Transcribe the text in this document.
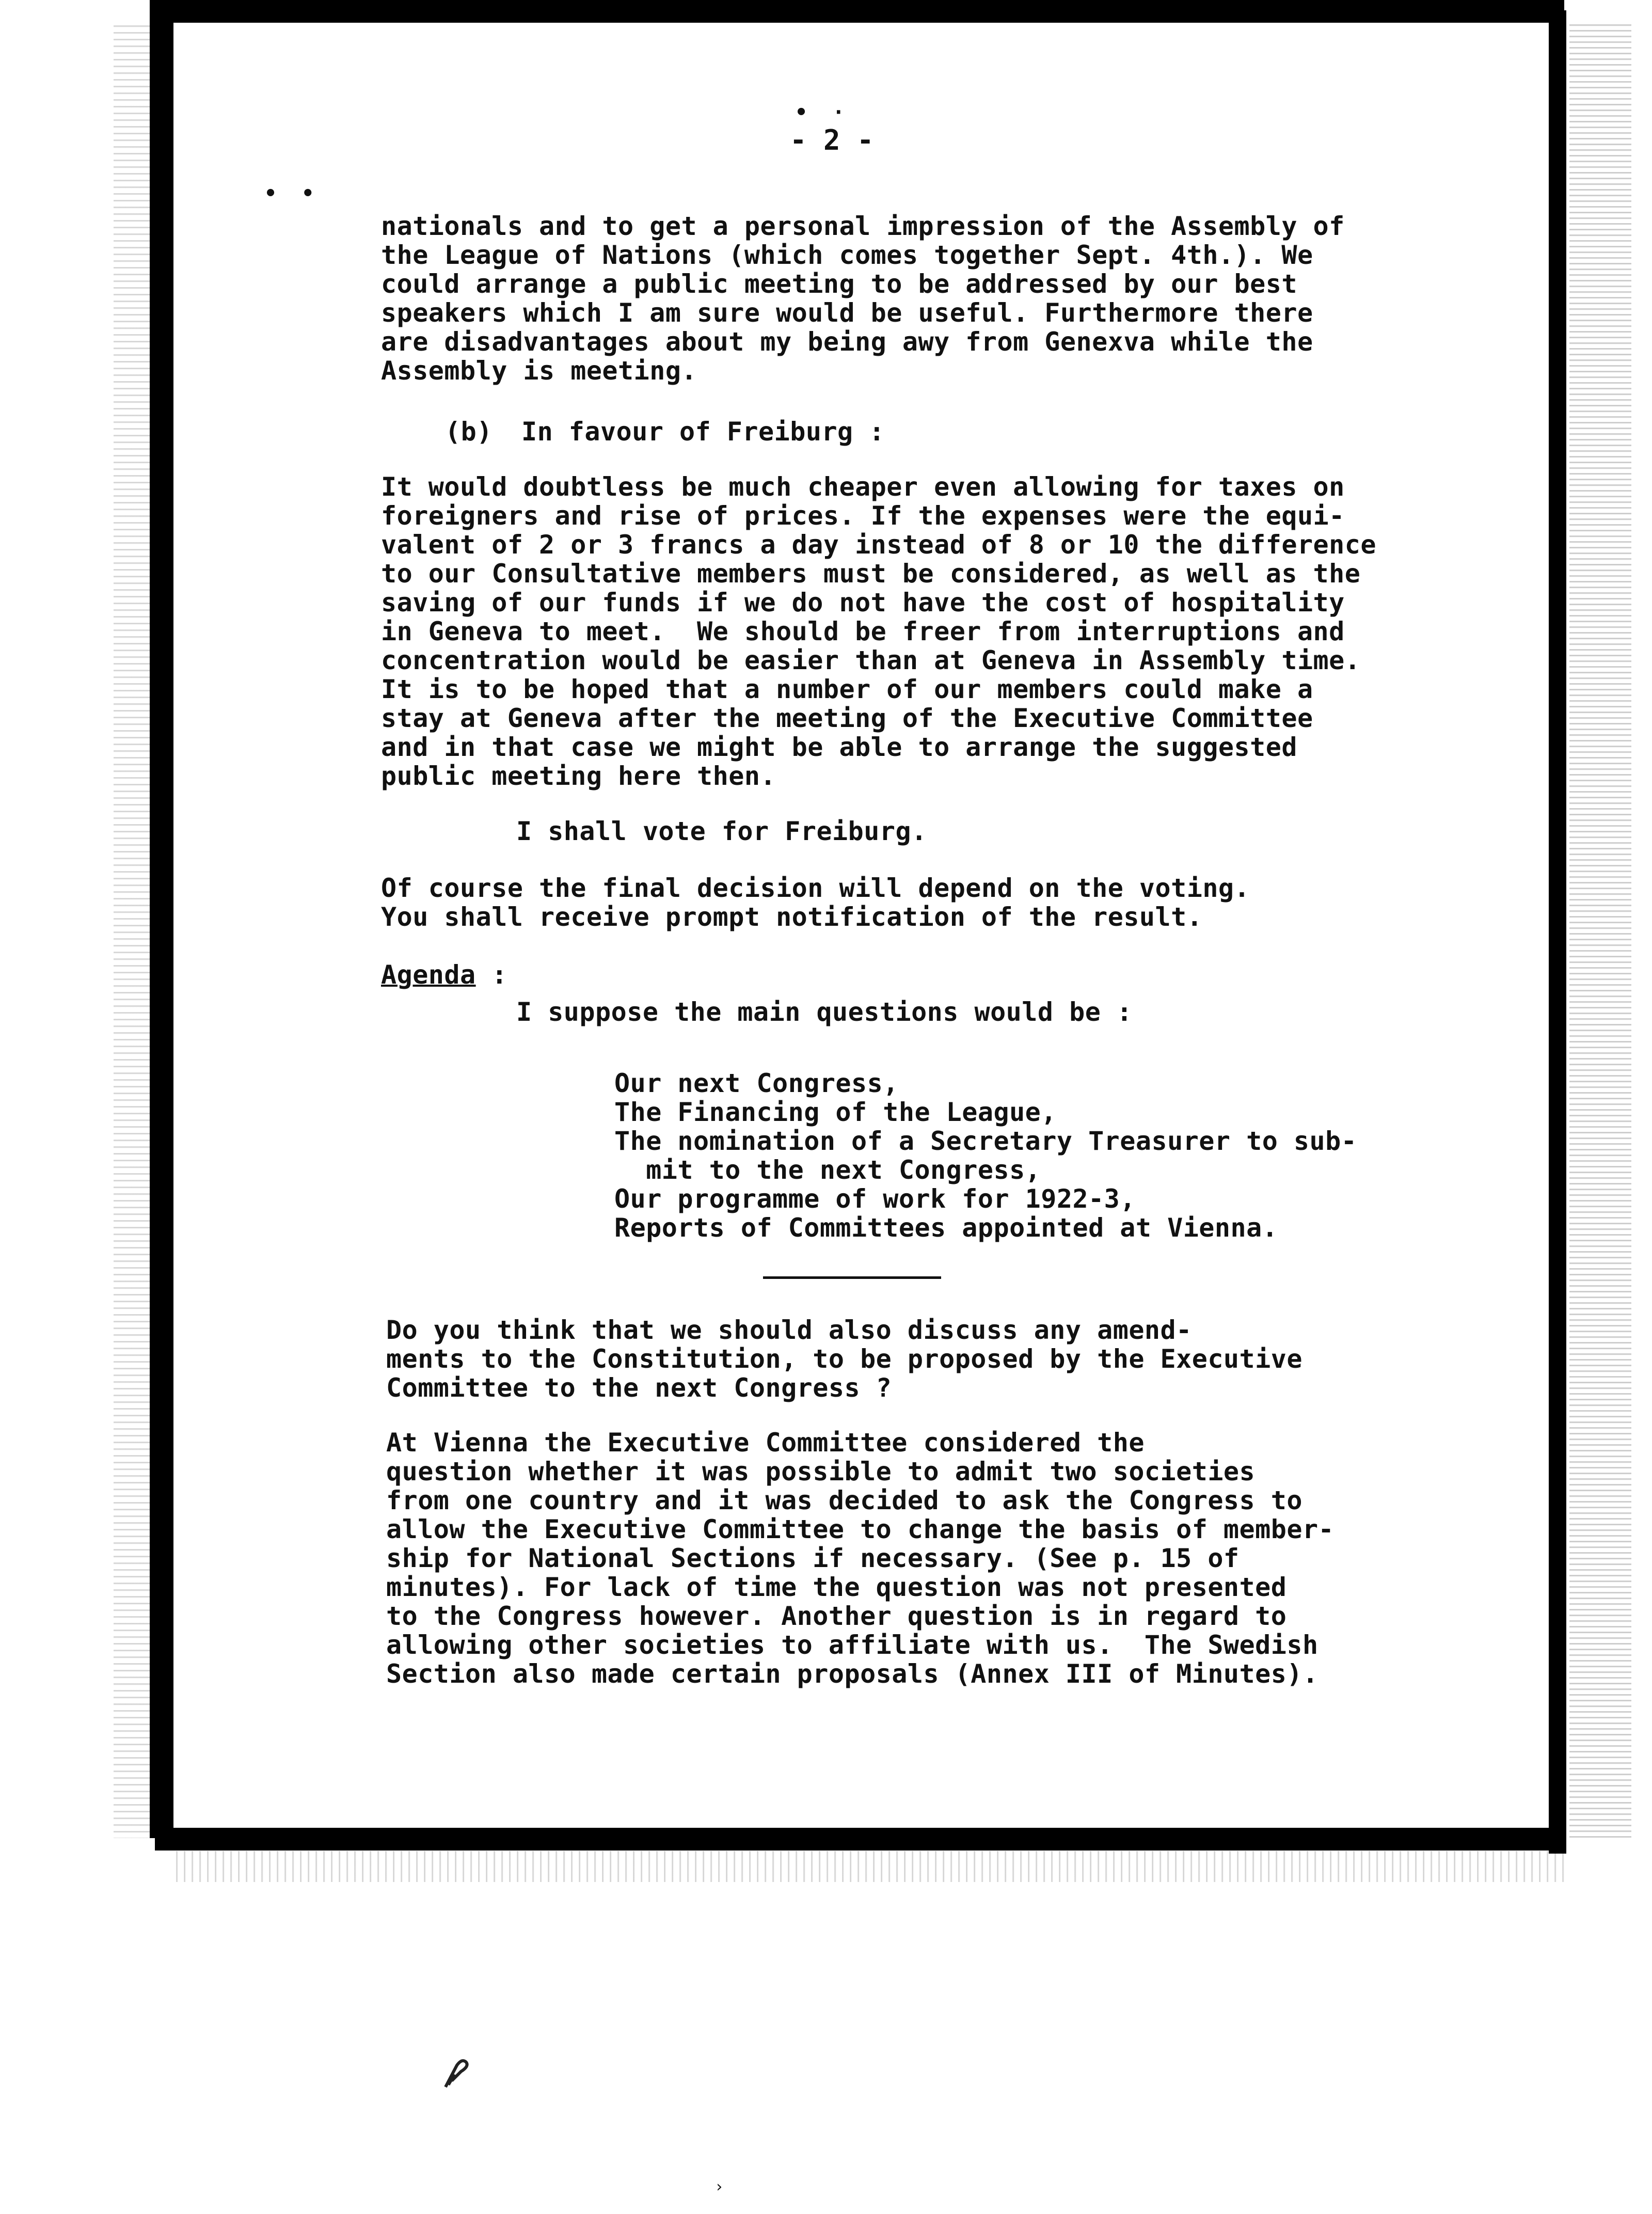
•  ·
•  •
- 2 -
nationals and to get a personal impression of the Assembly of
the League of Nations (which comes together Sept. 4th.). We
could arrange a public meeting to be addressed by our best
speakers which I am sure would be useful. Furthermore there
are disadvantages about my being awy from Genexva while the
Assembly is meeting.
(b) In favour of Freiburg :
It would doubtless be much cheaper even allowing for taxes on
foreigners and rise of prices. If the expenses were the equi-
valent of 2 or 3 francs a day instead of 8 or 10 the difference
to our Consultative members must be considered, as well as the
saving of our funds if we do not have the cost of hospitality
in Geneva to meet.  We should be freer from interruptions and
concentration would be easier than at Geneva in Assembly time.
It is to be hoped that a number of our members could make a
stay at Geneva after the meeting of the Executive Committee
and in that case we might be able to arrange the suggested
public meeting here then.
I shall vote for Freiburg.
Of course the final decision will depend on the voting.
You shall receive prompt notification of the result.
Agenda :
I suppose the main questions would be :
Our next Congress,
The Financing of the League,
The nomination of a Secretary Treasurer to sub-
mit to the next Congress,
Our programme of work for 1922-3,
Reports of Committees appointed at Vienna.
Do you think that we should also discuss any amend-
ments to the Constitution, to be proposed by the Executive
Committee to the next Congress ?
At Vienna the Executive Committee considered the
question whether it was possible to admit two societies
from one country and it was decided to ask the Congress to
allow the Executive Committee to change the basis of member-
ship for National Sections if necessary. (See p. 15 of
minutes). For lack of time the question was not presented
to the Congress however. Another question is in regard to
allowing other societies to affiliate with us.  The Swedish
Section also made certain proposals (Annex III of Minutes).
›
